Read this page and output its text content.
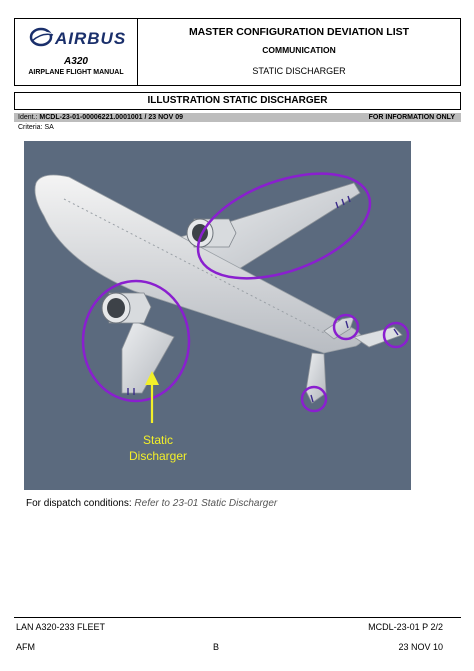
AIRBUS
A320
AIRPLANE FLIGHT MANUAL
MASTER CONFIGURATION DEVIATION LIST
COMMUNICATION
STATIC DISCHARGER
ILLUSTRATION STATIC DISCHARGER
Ident.: MCDL-23-01-00006221.0001001 / 23 NOV 09	FOR INFORMATION ONLY
Criteria: SA
Static
Discharger
For dispatch conditions: Refer to 23-01 Static Discharger
LAN A320-233 FLEET
AFM	B
MCDL-23-01 P 2/2
23 NOV 10
